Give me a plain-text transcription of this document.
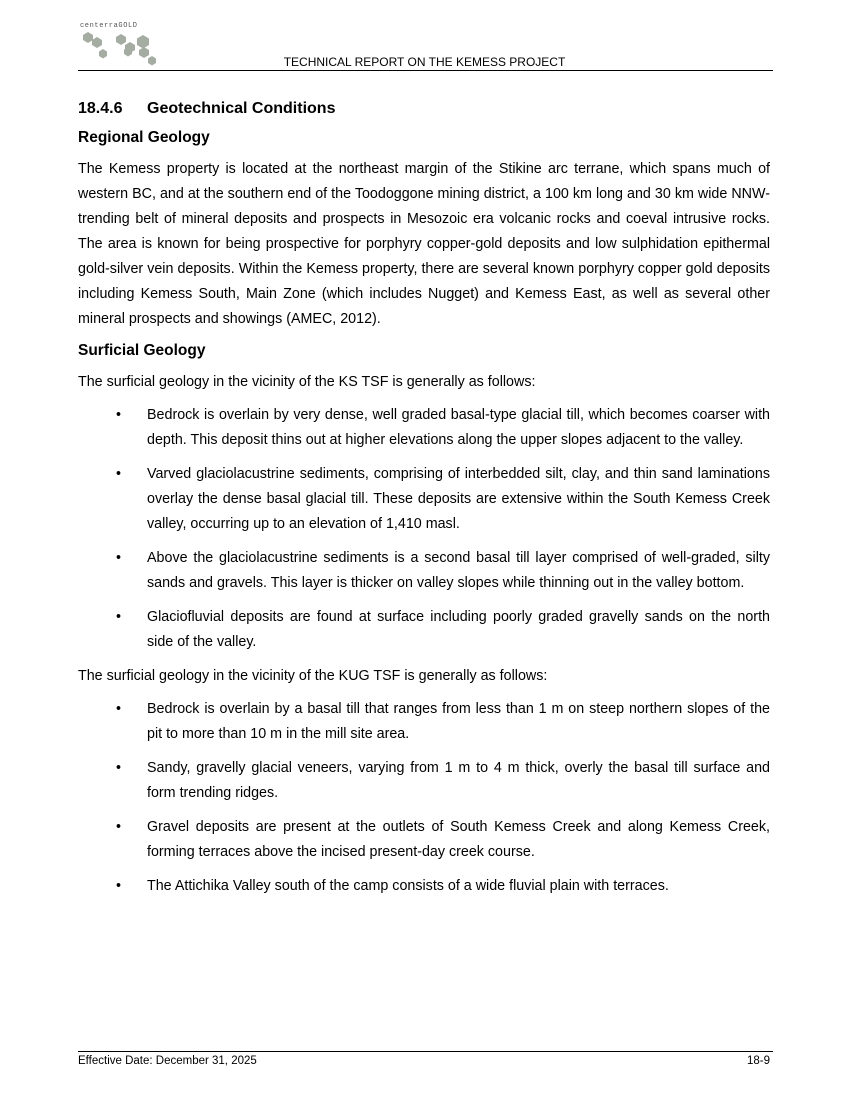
centerraGOLD
TECHNICAL REPORT ON THE KEMESS PROJECT
18.4.6 Geotechnical Conditions
Regional Geology

The Kemess property is located at the northeast margin of the Stikine arc terrane, which spans much of western BC, and at the southern end of the Toodoggone mining district, a 100 km long and 30 km wide NNW-trending belt of mineral deposits and prospects in Mesozoic era volcanic rocks and coeval intrusive rocks. The area is known for being prospective for porphyry copper-gold deposits and low sulphidation epithermal gold-silver vein deposits. Within the Kemess property, there are several known porphyry copper gold deposits including Kemess South, Main Zone (which includes Nugget) and Kemess East, as well as several other mineral prospects and showings (AMEC, 2012).

Surficial Geology

The surficial geology in the vicinity of the KS TSF is generally as follows:

• Bedrock is overlain by very dense, well graded basal-type glacial till, which becomes coarser with depth. This deposit thins out at higher elevations along the upper slopes adjacent to the valley.
• Varved glaciolacustrine sediments, comprising of interbedded silt, clay, and thin sand laminations overlay the dense basal glacial till. These deposits are extensive within the South Kemess Creek valley, occurring up to an elevation of 1,410 masl.
• Above the glaciolacustrine sediments is a second basal till layer comprised of well-graded, silty sands and gravels. This layer is thicker on valley slopes while thinning out in the valley bottom.
• Glaciofluvial deposits are found at surface including poorly graded gravelly sands on the north side of the valley.

The surficial geology in the vicinity of the KUG TSF is generally as follows:

• Bedrock is overlain by a basal till that ranges from less than 1 m on steep northern slopes of the pit to more than 10 m in the mill site area.
• Sandy, gravelly glacial veneers, varying from 1 m to 4 m thick, overly the basal till surface and form trending ridges.
• Gravel deposits are present at the outlets of South Kemess Creek and along Kemess Creek, forming terraces above the incised present-day creek course.
• The Attichika Valley south of the camp consists of a wide fluvial plain with terraces.
Effective Date: December 31, 2025	18-9
